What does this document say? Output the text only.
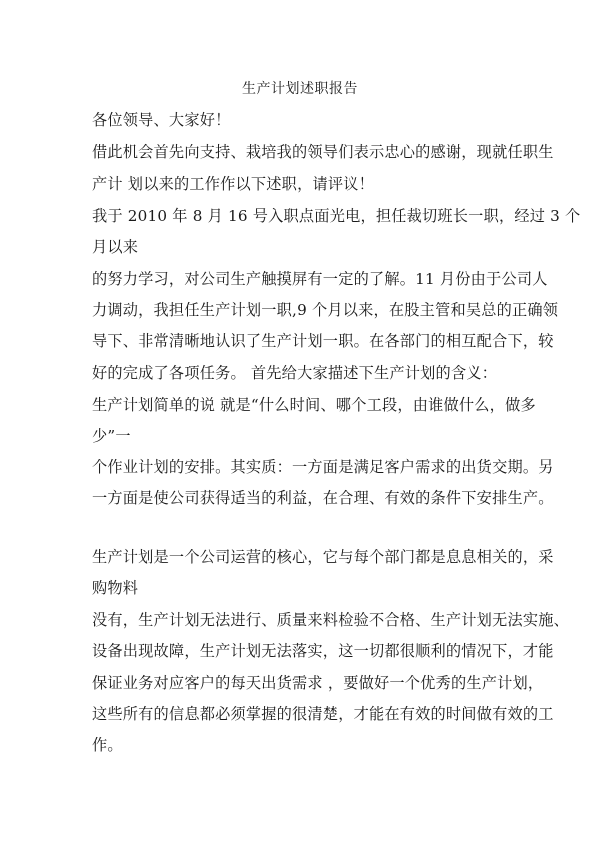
生产计划述职报告
各位领导、大家好！
借此机会首先向支持、栽培我的领导们表示忠心的感谢，现就任职生
产计 划以来的工作作以下述职，请评议！
我于 2010 年 8 月 16 号入职点面光电，担任裁切班长一职，经过 3 个
月以来
的努力学习，对公司生产触摸屏有一定的了解。11 月份由于公司人
力调动，我担任生产计划一职,9 个月以来，在股主管和吴总的正确领
导下、非常清晰地认识了生产计划一职。在各部门的相互配合下，较
好的完成了各项任务。 首先给大家描述下生产计划的含义：
生产计划简单的说 就是“什么时间、哪个工段，由谁做什么，做多
少”一
个作业计划的安排。其实质：一方面是满足客户需求的出货交期。另
一方面是使公司获得适当的利益，在合理、有效的条件下安排生产。
生产计划是一个公司运营的核心，它与每个部门都是息息相关的，采
购物料
没有，生产计划无法进行、质量来料检验不合格、生产计划无法实施、
设备出现故障，生产计划无法落实，这一切都很顺利的情况下，才能
保证业务对应客户的每天出货需求 ，要做好一个优秀的生产计划，
这些所有的信息都必须掌握的很清楚，才能在有效的时间做有效的工
作。
